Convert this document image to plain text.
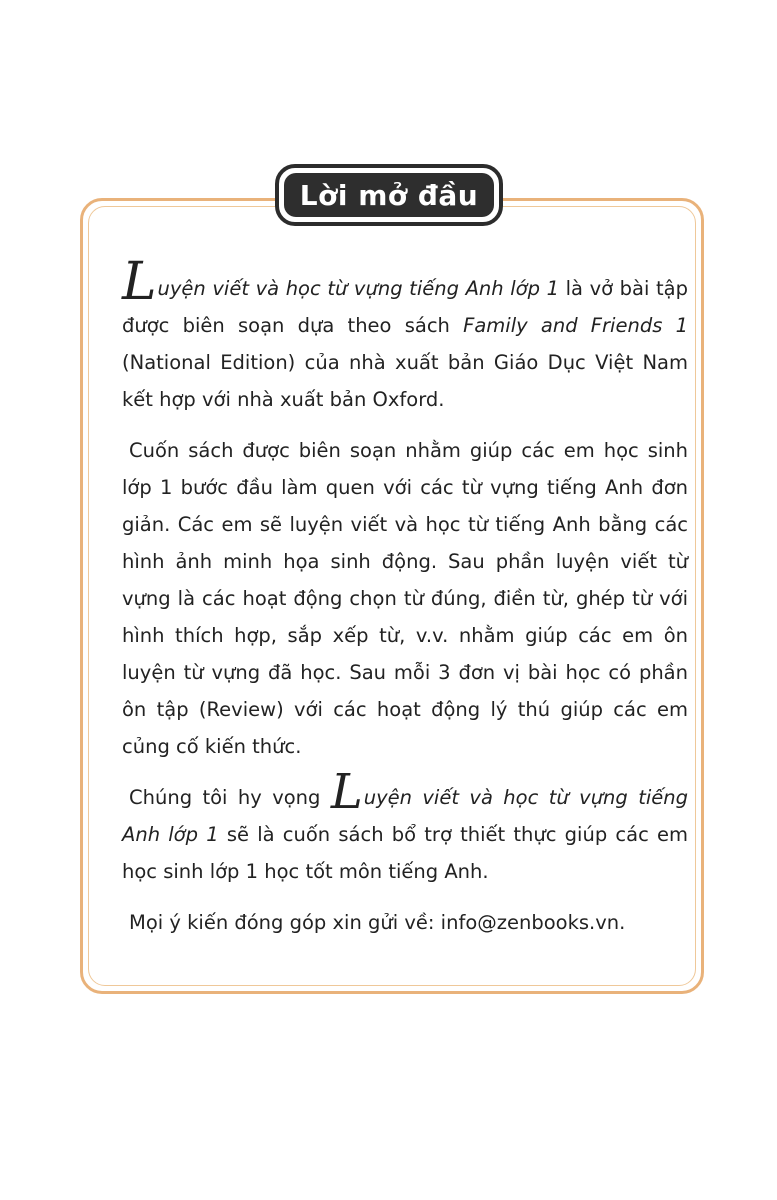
Lời mở đầu

Luyện viết và học từ vựng tiếng Anh lớp 1 là vở bài tập được biên soạn dựa theo sách Family and Friends 1 (National Edition) của nhà xuất bản Giáo Dục Việt Nam kết hợp với nhà xuất bản Oxford.

Cuốn sách được biên soạn nhằm giúp các em học sinh lớp 1 bước đầu làm quen với các từ vựng tiếng Anh đơn giản. Các em sẽ luyện viết và học từ tiếng Anh bằng các hình ảnh minh họa sinh động. Sau phần luyện viết từ vựng là các hoạt động chọn từ đúng, điền từ, ghép từ với hình thích hợp, sắp xếp từ, v.v. nhằm giúp các em ôn luyện từ vựng đã học. Sau mỗi 3 đơn vị bài học có phần ôn tập (Review) với các hoạt động lý thú giúp các em củng cố kiến thức.

Chúng tôi hy vọng Luyện viết và học từ vựng tiếng Anh lớp 1 sẽ là cuốn sách bổ trợ thiết thực giúp các em học sinh lớp 1 học tốt môn tiếng Anh.

Mọi ý kiến đóng góp xin gửi về: info@zenbooks.vn.
